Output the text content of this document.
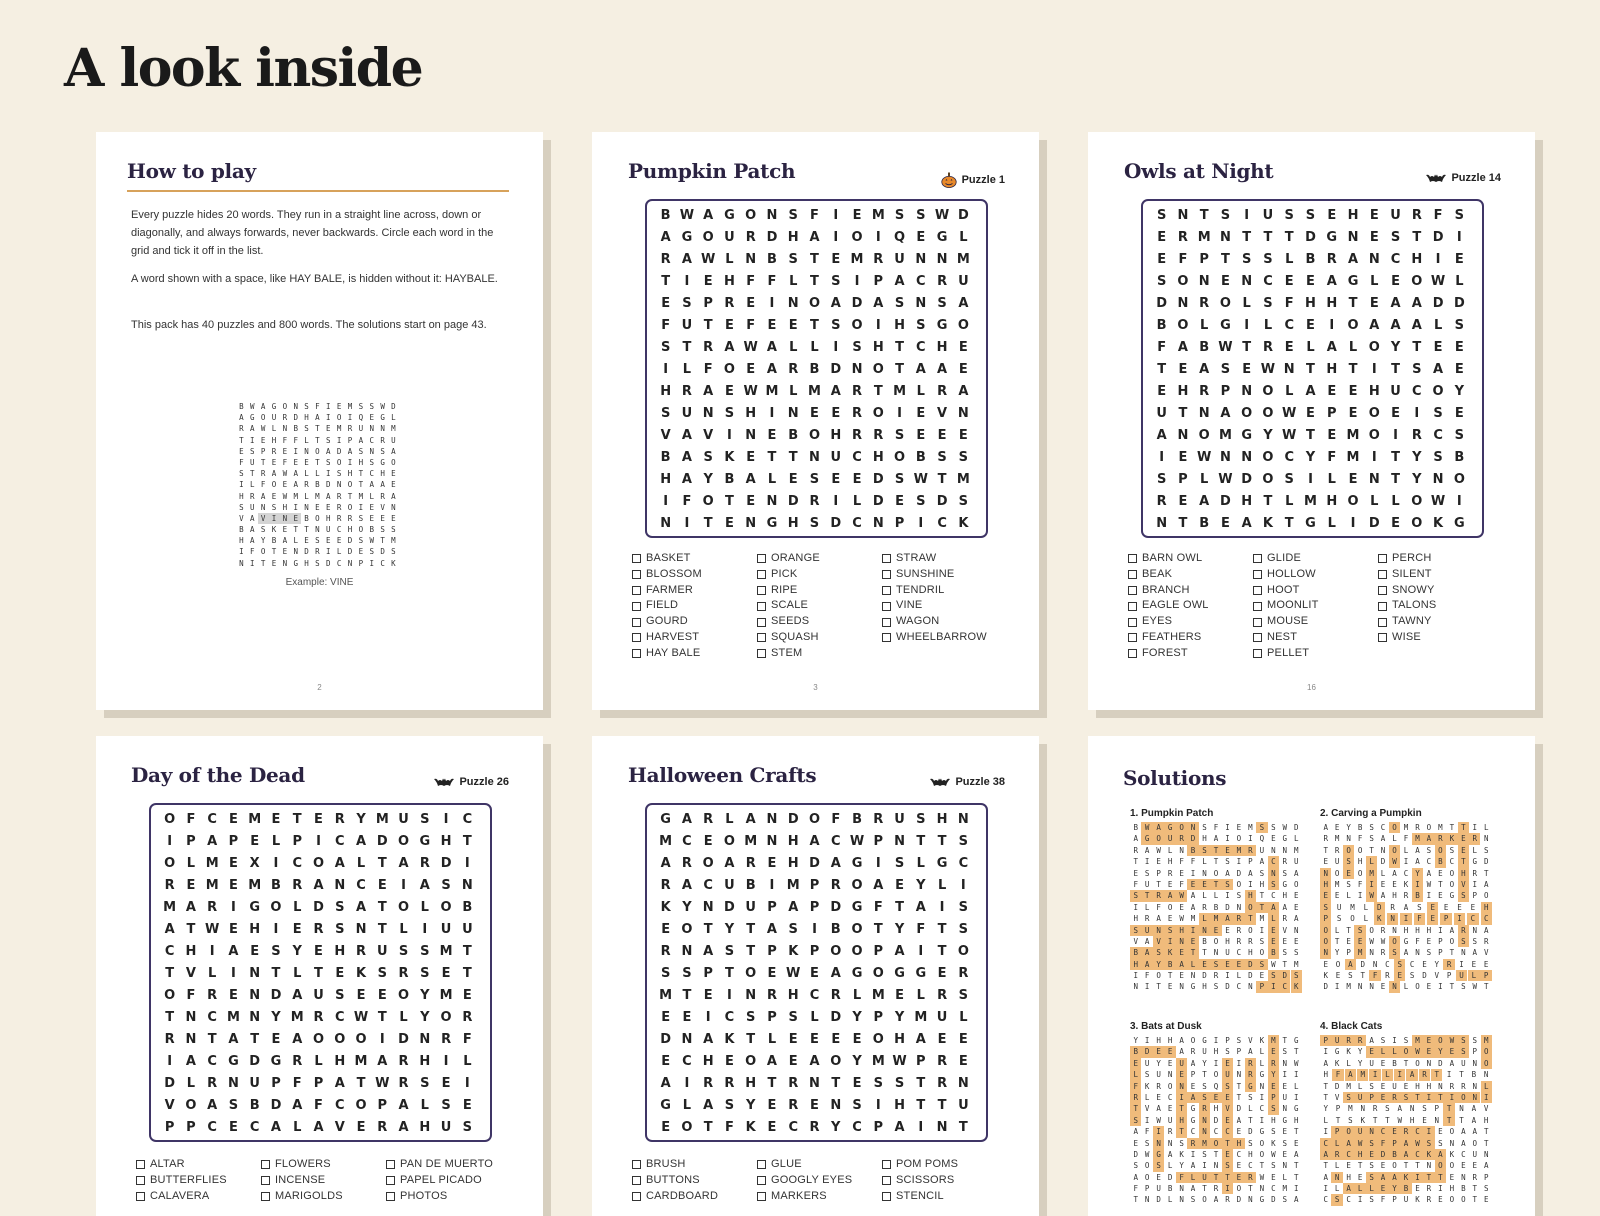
A look inside
How to play

Every puzzle hides 20 words. They run in a straight line across, down or diagonally, and always forwards, never backwards. Circle each word in the grid and tick it off in the list.

A word shown with a space, like HAY BALE, is hidden without it: HAYBALE.

This pack has 40 puzzles and 800 words. The solutions start on page 43.

B W A G O N S F I E M S S W D
A G O U R D H A I O I Q E G L
R A W L N B S T E M R U N N M
T I E H F F L T S I P A C R U
E S P R E I N O A D A S N S A
F U T E F E E T S O I H S G O
S T R A W A L L I S H T C H E
I L F O E A R B D N O T A A E
H R A E W M L M A R T M L R A
S U N S H I N E E R O I E V N
V A V I N E B O H R R S E E E
B A S K E T T N U C H O B S S
H A Y B A L E S E E D S W T M
I F O T E N D R I L D E S D S
N I T E N G H S D C N P I C K
Example: VINE
2
Pumpkin Patch	Puzzle 1
B W A G O N S F	I	E M S S W D
A G O U R D H A	I	O	I	Q E G L
R A W L N B S T E M R U N N M
T	I	E H F F L T S	I	P A C R U
E S P R E	I	N O A D A S N S A
F U T E F E E T S O	I	H S G O
S T R A W A L L	I	S H T C H E
I	L F O E A R B D N O T A A E
H R A E W M L M A R T M L R A
S U N S H	I	N E E R O	I	E V N
V A V	I	N E B O H R R S E E E
B A S K E T T N U C H O B S S
H A Y B A L E S E E D S W T M
I	F O T E N D R	I	L D E S D S
N	I	T E N G H S D C N P	I	C K
BASKET	ORANGE	STRAW
BLOSSOM	PICK	SUNSHINE
FARMER	RIPE	TENDRIL
FIELD	SCALE	VINE
GOURD	SEEDS	WAGON
HARVEST	SQUASH	WHEELBARROW
HAY BALE	STEM
3
Owls at Night	Puzzle 14
S N T S	I	U S S E H E U R F S
E R M N T T T D G N E S T D	I
E F P T S S L B R A N C H	I	E
S O N E N C E E A G L E O W L
D N R O L S F H H T E A A D D
B O L G	I	L C E	I	O A A A L S
F A B W T R E L A L O Y T E E
T E A S E W N T H T	I	T S A E
E H R P N O L A E E H U C O Y
U T N A O O W E P E O E	I	S E
A N O M G Y W T E M O	I	R C S
I	E W N N O C Y F M I	T Y S B
S P L W D O S	I	L E N T Y N O
R E A D H T L M H O L L O W I
N T B E A K T G L	I	D E O K G
BARN OWL	GLIDE	PERCH
BEAK	HOLLOW	SILENT
BRANCH	HOOT	SNOWY
EAGLE OWL	MOONLIT	TALONS
EYES	MOUSE	TAWNY
FEATHERS	NEST	WISE
FOREST	PELLET
16
Day of the Dead	Puzzle 26
O F C E M E T E R Y M U S	I	C
I	P A P E L P	I	C A D O G H T
O L M E X	I	C O A L T A R D	I
R E M E M B R A N C E	I	A S N
M A R	I	G O L D S A T O L O B
A T W E H	I	E R S N T L	I	U U
C H	I	A E S Y E H R U S S M T
T V L	I	N T L T E K S R S E T
O F R E N D A U S E E O Y M E
T N C M N Y M R C W T L Y O R
R N T A T E A O O O	I	D N R F
I	A C G D G R L H M A R H	I	L
D L R N U P F P A T W R S E	I
V O A S B D A F C O P A L S E
P P C E C A L A V E R A H U S
ALTAR	FLOWERS	PAN DE MUERTO
BUTTERFLIES	INCENSE	PAPEL PICADO
CALAVERA	MARIGOLDS	PHOTOS
Halloween Crafts	Puzzle 38
G A R L A N D O F B R U S H N
M C E O M N H A C W P N T T S
A R O A R E H D A G	I	S L G C
R A C U B	I M P R O A E Y L	I
K Y N D U P A P D G F T A	I	S
E O T Y T A S	I	B O T Y F T S
R N A S T P K P O O P A	I	T O
S S P T O E W E A G O G G E R
M T E	I	N R H C R L M E L R S
E E	I	C S P S L D Y P Y M U L
D N A K T L E E E E O H A E E
E C H E O A E A O Y M W P R E
A	I	R R H T R N T E S S T R N
G L A S Y E R E N S	I	H T T U
E O T F K E C R Y C P A	I	N T
BRUSH	GLUE	POM POMS
BUTTONS	GOOGLY EYES	SCISSORS
CARDBOARD	MARKERS	STENCIL
Solutions
1. Pumpkin Patch
B W A G O N S F I E M S S W D
A G O U R D H A I O I Q E G L
R A W L N B S T E M R U N N M
T I E H F F L T S I P A C R U
E S P R E I N O A D A S N S A
F U T E F E E T S O I H S G O
S T R A W A L L I S H T C H E
I L F O E A R B D N O T A A E
H R A E W M L M A R T M L R A
S U N S H I N E E R O I E V N
V A V I N E B O H R R S E E E
B A S K E T T N U C H O B S S
H A Y B A L E S E E D S W T M
I F O T E N D R I L D E S D S
N I T E N G H S D C N P I C K
2. Carving a Pumpkin
A E Y B S C O M R O M T T I L
R M N F S A L F M A R K E R N
T R O O T N O L A S O S E L S
E U S H L D W I A C B C T G D
N O E O M L A C Y A E O H R T
H M S F I E E K I W T O V I A
E E L I W A H R B I E G S P O
S	U	M	L	D	R	A	S	E	E	E	E	H
P	S	O	L	K	N	I	F	E	P	I	C	C
O L T S O R N H H H I A R N A
O T E E W W O G F E P O S S R
N Y P M N R S A N S P T N A V
E	O	A	D	N	C	S	C	E	Y	R	I	E	E
K	E	S	T	F	R	E	S	D	V	P	U	L	P
D I M N N E N L O E I T S W T
3. Bats at Dusk
Y I H H A O G I P S V K M T G
B D E E A R U H S P A L E S T
E U Y E U A Y I E I R L R N W
L S U N E P T O U N R G Y I I
F K R O N E S Q S T G N E E L
R L E C I A S E E T S I P U I
T V A E T G R H V D L C S N G
S I W U H G N D E A T I H G H
A F I R T C N C C E D G S E T
E S N N S R M O T H S O K S E
D W G A K I S T E C H O W E A
S O S L Y A I N S E C T S N T
A O E D F L U T T E R W E L T
F P U B N A T R I O T N C M I
T N D L N S O A R D N G D S A
4. Black Cats
P U R R A S I S M E O W S S M
I G K Y E L L O W E Y E S P O
A K L Y U E B T O N D A U N O
H	F	A	M	I	L	I	A	R	T	I	T	B	N
T D M L S E U E H H N R R N L
T V S U P E R S T I T I O N I
Y	P	M	N	R	S	A	N	S	P	T	N	A	V
L	T	S	K	T	T	W	H	E	N	T	T	A	H
I P O U N C E R C I E O A A T
C L A W S F P A W S S N A O T
A R C H E D B A C K A K C U N
T L E T S E O T T N O O E E A
A N H E S A A K I T T E N R P
I L A L L E Y B E R I H B T S
C S C I S F P U K R E O O T E
